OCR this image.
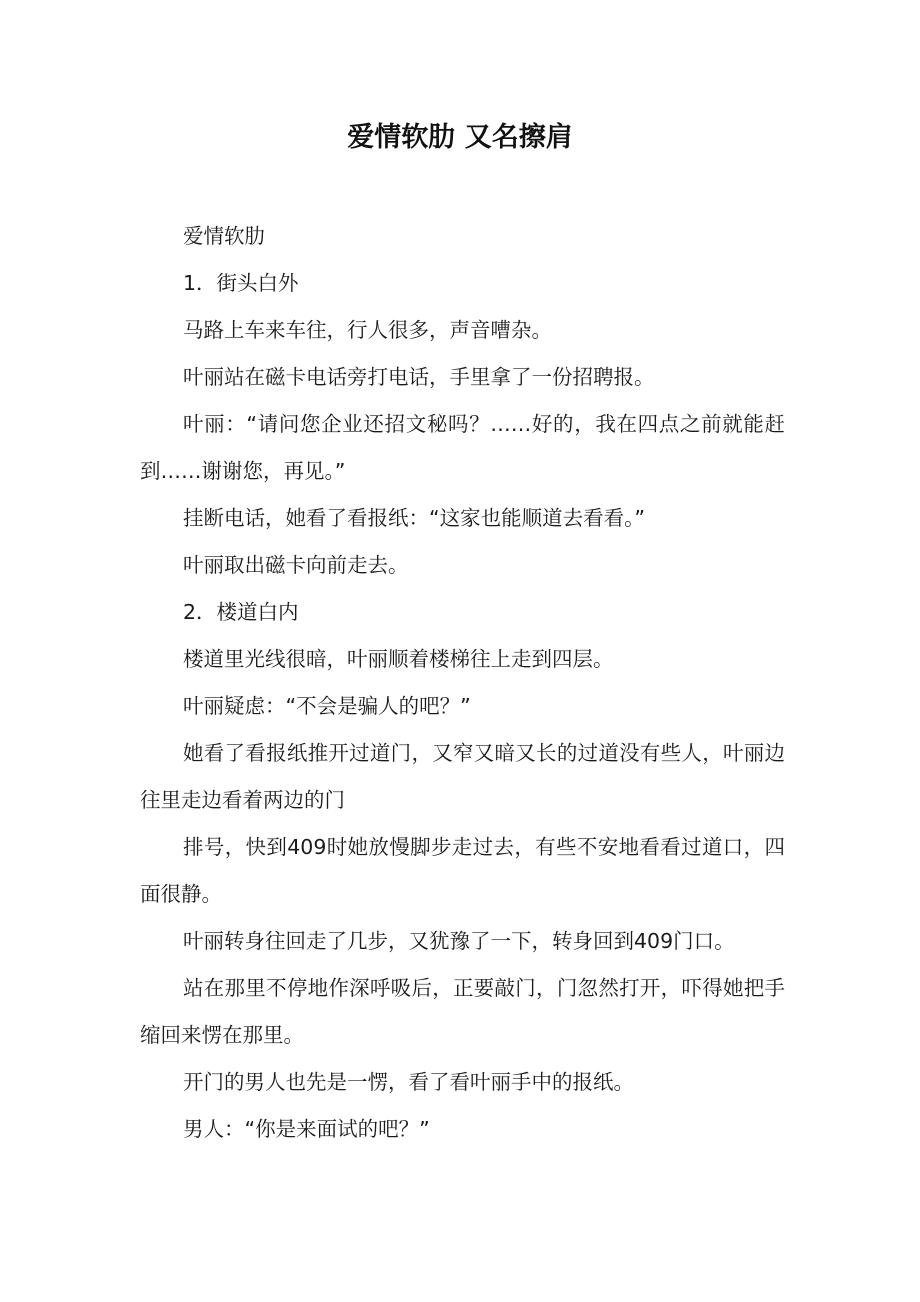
爱情软肋 又名擦肩

爱情软肋

1．街头白外

马路上车来车往，行人很多，声音嘈杂。

叶丽站在磁卡电话旁打电话，手里拿了一份招聘报。

叶丽：“请问您企业还招文秘吗？……好的，我在四点之前就能赶到……谢谢您，再见。”

挂断电话，她看了看报纸：“这家也能顺道去看看。”

叶丽取出磁卡向前走去。

2．楼道白内

楼道里光线很暗，叶丽顺着楼梯往上走到四层。

叶丽疑虑：“不会是骗人的吧？”

她看了看报纸推开过道门，又窄又暗又长的过道没有些人，叶丽边往里走边看着两边的门

排号，快到409时她放慢脚步走过去，有些不安地看看过道口，四面很静。

叶丽转身往回走了几步，又犹豫了一下，转身回到409门口。

站在那里不停地作深呼吸后，正要敲门，门忽然打开，吓得她把手缩回来愣在那里。

开门的男人也先是一愣，看了看叶丽手中的报纸。

男人：“你是来面试的吧？”
